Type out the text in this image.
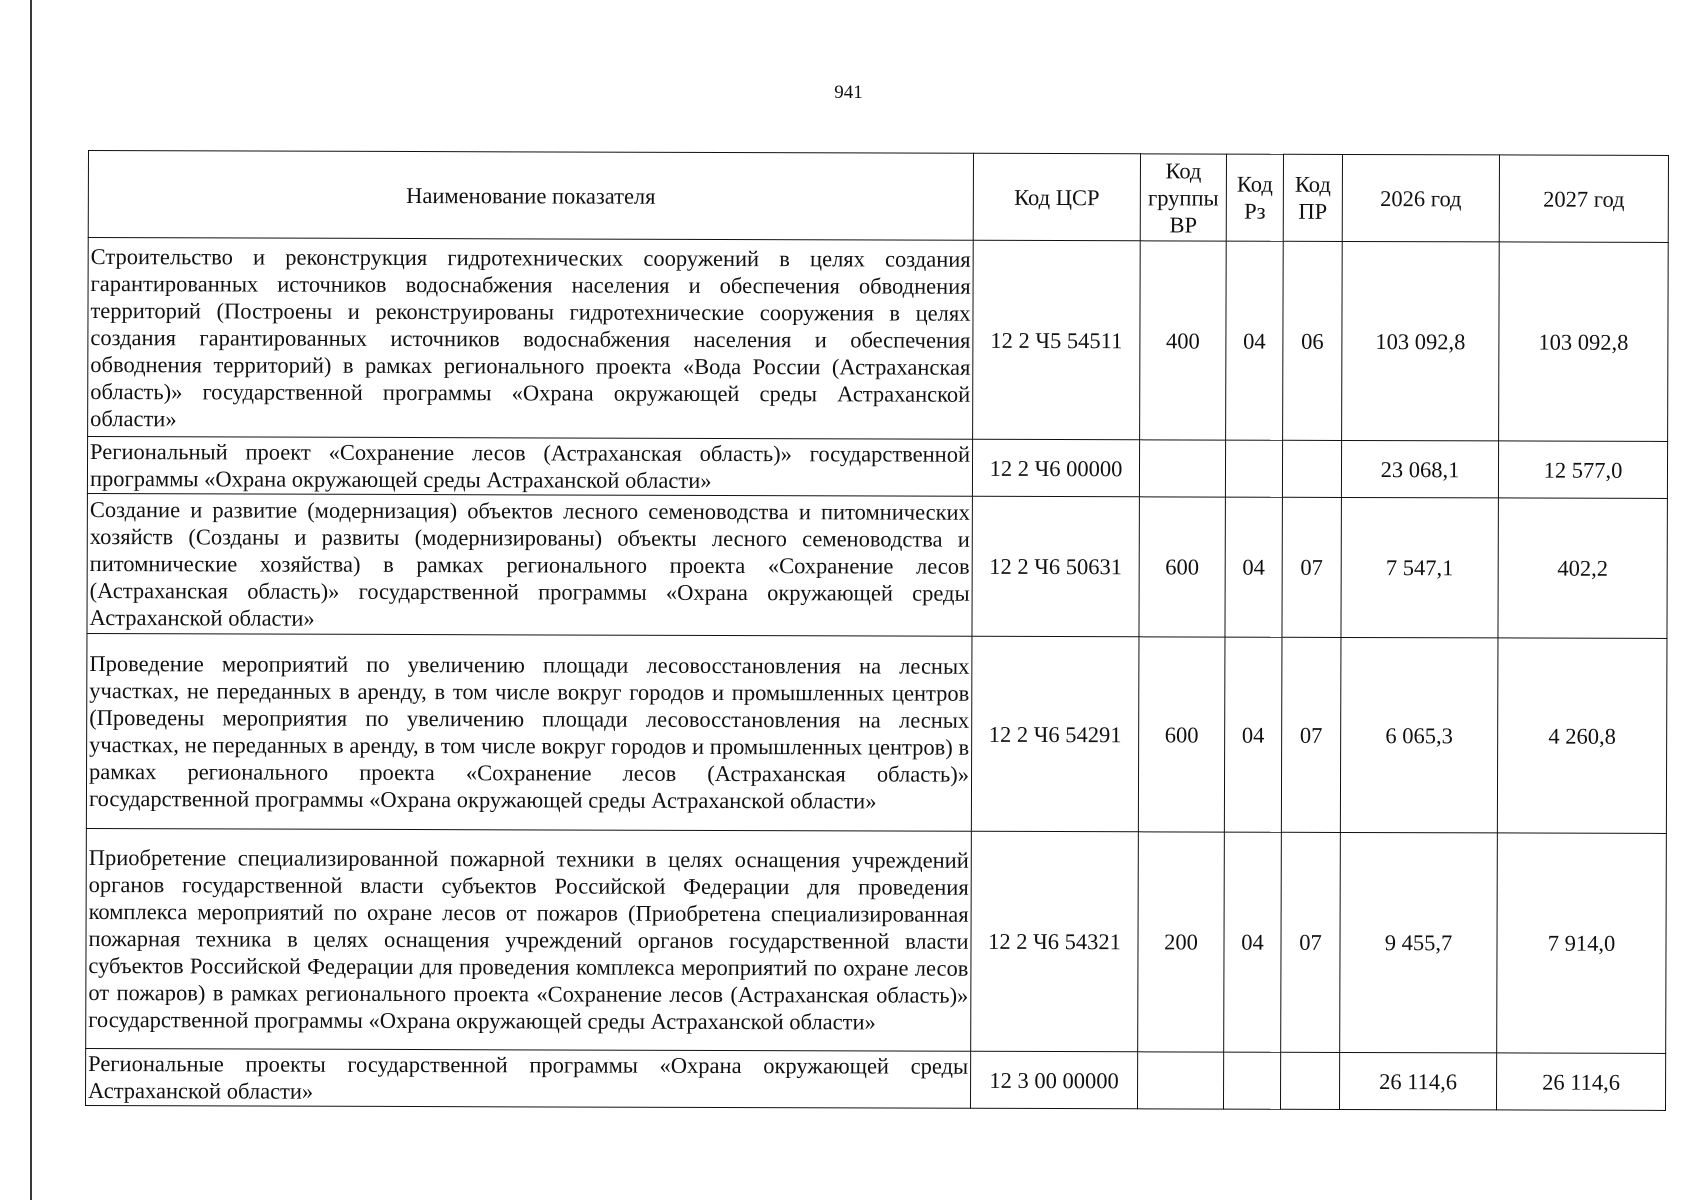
941
Наименование показателя	Код ЦСР	Код группы ВР	Код Рз	Код ПР	2026 год	2027 год
Строительство и реконструкция гидротехнических сооружений в целях создания гарантированных источников водоснабжения населения и обеспечения обводнения территорий (Построены и реконструированы гидротехнические сооружения в целях создания гарантированных источников водоснабжения населения и обеспечения обводнения территорий) в рамках регионального проекта «Вода России (Астраханская область)» государственной программы «Охрана окружающей среды Астраханской области»	12 2 Ч5 54511	400	04	06	103 092,8	103 092,8
Региональный проект «Сохранение лесов (Астраханская область)» государственной программы «Охрана окружающей среды Астраханской области»	12 2 Ч6 00000				23 068,1	12 577,0
Создание и развитие (модернизация) объектов лесного семеноводства и питомнических хозяйств (Созданы и развиты (модернизированы) объекты лесного семеноводства и питомнические хозяйства) в рамках регионального проекта «Сохранение лесов (Астраханская область)» государственной программы «Охрана окружающей среды Астраханской области»	12 2 Ч6 50631	600	04	07	7 547,1	402,2
Проведение мероприятий по увеличению площади лесовосстановления на лесных участках, не переданных в аренду, в том числе вокруг городов и промышленных центров (Проведены мероприятия по увеличению площади лесовосстановления на лесных участках, не переданных в аренду, в том числе вокруг городов и промышленных центров) в рамках регионального проекта «Сохранение лесов (Астраханская область)» государственной программы «Охрана окружающей среды Астраханской области»	12 2 Ч6 54291	600	04	07	6 065,3	4 260,8
Приобретение специализированной пожарной техники в целях оснащения учреждений органов государственной власти субъектов Российской Федерации для проведения комплекса мероприятий по охране лесов от пожаров (Приобретена специализированная пожарная техника в целях оснащения учреждений органов государственной власти субъектов Российской Федерации для проведения комплекса мероприятий по охране лесов от пожаров) в рамках регионального проекта «Сохранение лесов (Астраханская область)» государственной программы «Охрана окружающей среды Астраханской области»	12 2 Ч6 54321	200	04	07	9 455,7	7 914,0
Региональные проекты государственной программы «Охрана окружающей среды Астраханской области»	12 3 00 00000				26 114,6	26 114,6
